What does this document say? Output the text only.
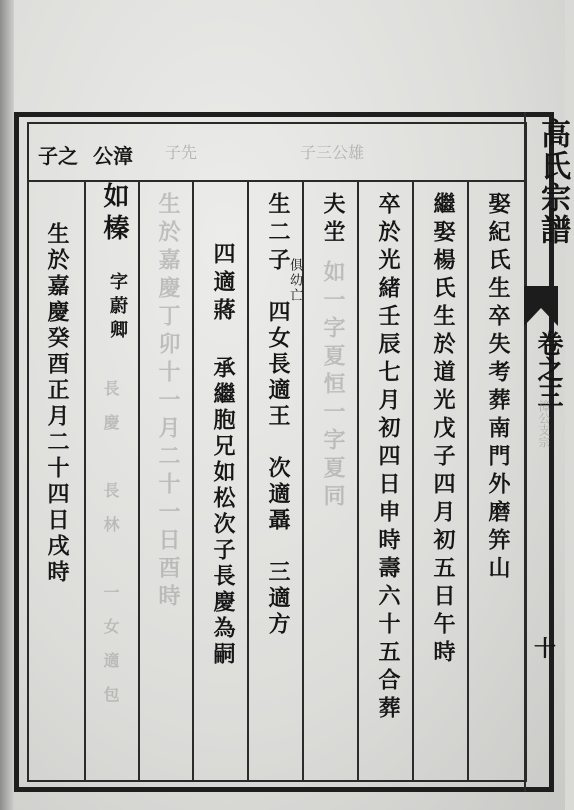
子之 公漳 子先	子三公雄	高氏宗譜
卷之三
漳公支宗
十
娶紀氏生卒失考葬南門外磨笄山
繼娶楊氏生於道光戊子四月初五日午時
卒於光緒壬辰七月初四日申時壽六十五合葬
夫坣
如一字夏恒一字夏同
生二子
俱幼亡
四女長適王　次適聶　三適方
四適蔣
承繼胞兄如松次子長慶為嗣
生於嘉慶丁卯十一月二十一日酉時
如榛
字蔚卿
長慶　長林　一女適包
生於嘉慶癸酉正月二十四日戌時
